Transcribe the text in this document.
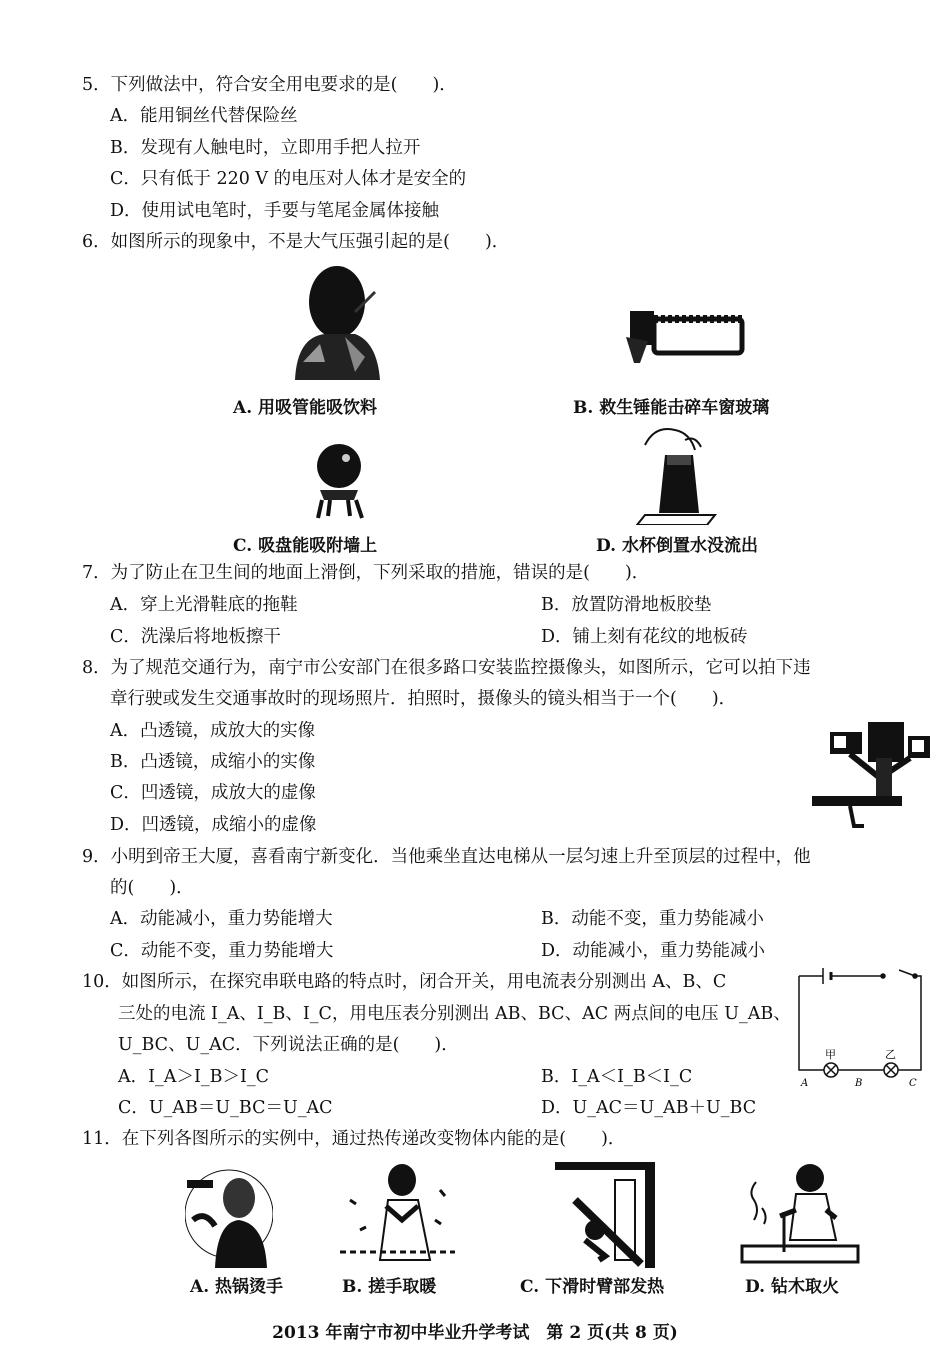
5．下列做法中，符合安全用电要求的是(　　)．
A．能用铜丝代替保险丝
B．发现有人触电时，立即用手把人拉开
C．只有低于 220 V 的电压对人体才是安全的
D．使用试电笔时，手要与笔尾金属体接触
6．如图所示的现象中，不是大气压强引起的是(　　)．
A. 用吸管能吸饮料	B. 救生锤能击碎车窗玻璃
C. 吸盘能吸附墙上	D. 水杯倒置水没流出
7．为了防止在卫生间的地面上滑倒，下列采取的措施，错误的是(　　)．
A．穿上光滑鞋底的拖鞋	B．放置防滑地板胶垫
C．洗澡后将地板擦干	D．铺上刻有花纹的地板砖
8．为了规范交通行为，南宁市公安部门在很多路口安装监控摄像头，如图所示，它可以拍下违
章行驶或发生交通事故时的现场照片．拍照时，摄像头的镜头相当于一个(　　)．
A．凸透镜，成放大的实像
B．凸透镜，成缩小的实像
C．凹透镜，成放大的虚像
D．凹透镜，成缩小的虚像
9．小明到帝王大厦，喜看南宁新变化．当他乘坐直达电梯从一层匀速上升至顶层的过程中，他
的(　　)．
A．动能减小，重力势能增大	B．动能不变，重力势能减小
C．动能不变，重力势能增大	D．动能减小，重力势能减小
10．如图所示，在探究串联电路的特点时，闭合开关，用电流表分别测出 A、B、C
三处的电流 I_A、I_B、I_C，用电压表分别测出 AB、BC、AC 两点间的电压 U_AB、
U_BC、U_AC．下列说法正确的是(　　)．
A．I_A＞I_B＞I_C	B．I_A＜I_B＜I_C
C．U_AB＝U_BC＝U_AC	D．U_AC＝U_AB＋U_BC
甲	乙
A	B	C
11．在下列各图所示的实例中，通过热传递改变物体内能的是(　　)．
A. 热锅烫手	B. 搓手取暖	C. 下滑时臂部发热	D. 钻木取火
2013 年南宁市初中毕业升学考试　第 2 页(共 8 页)
